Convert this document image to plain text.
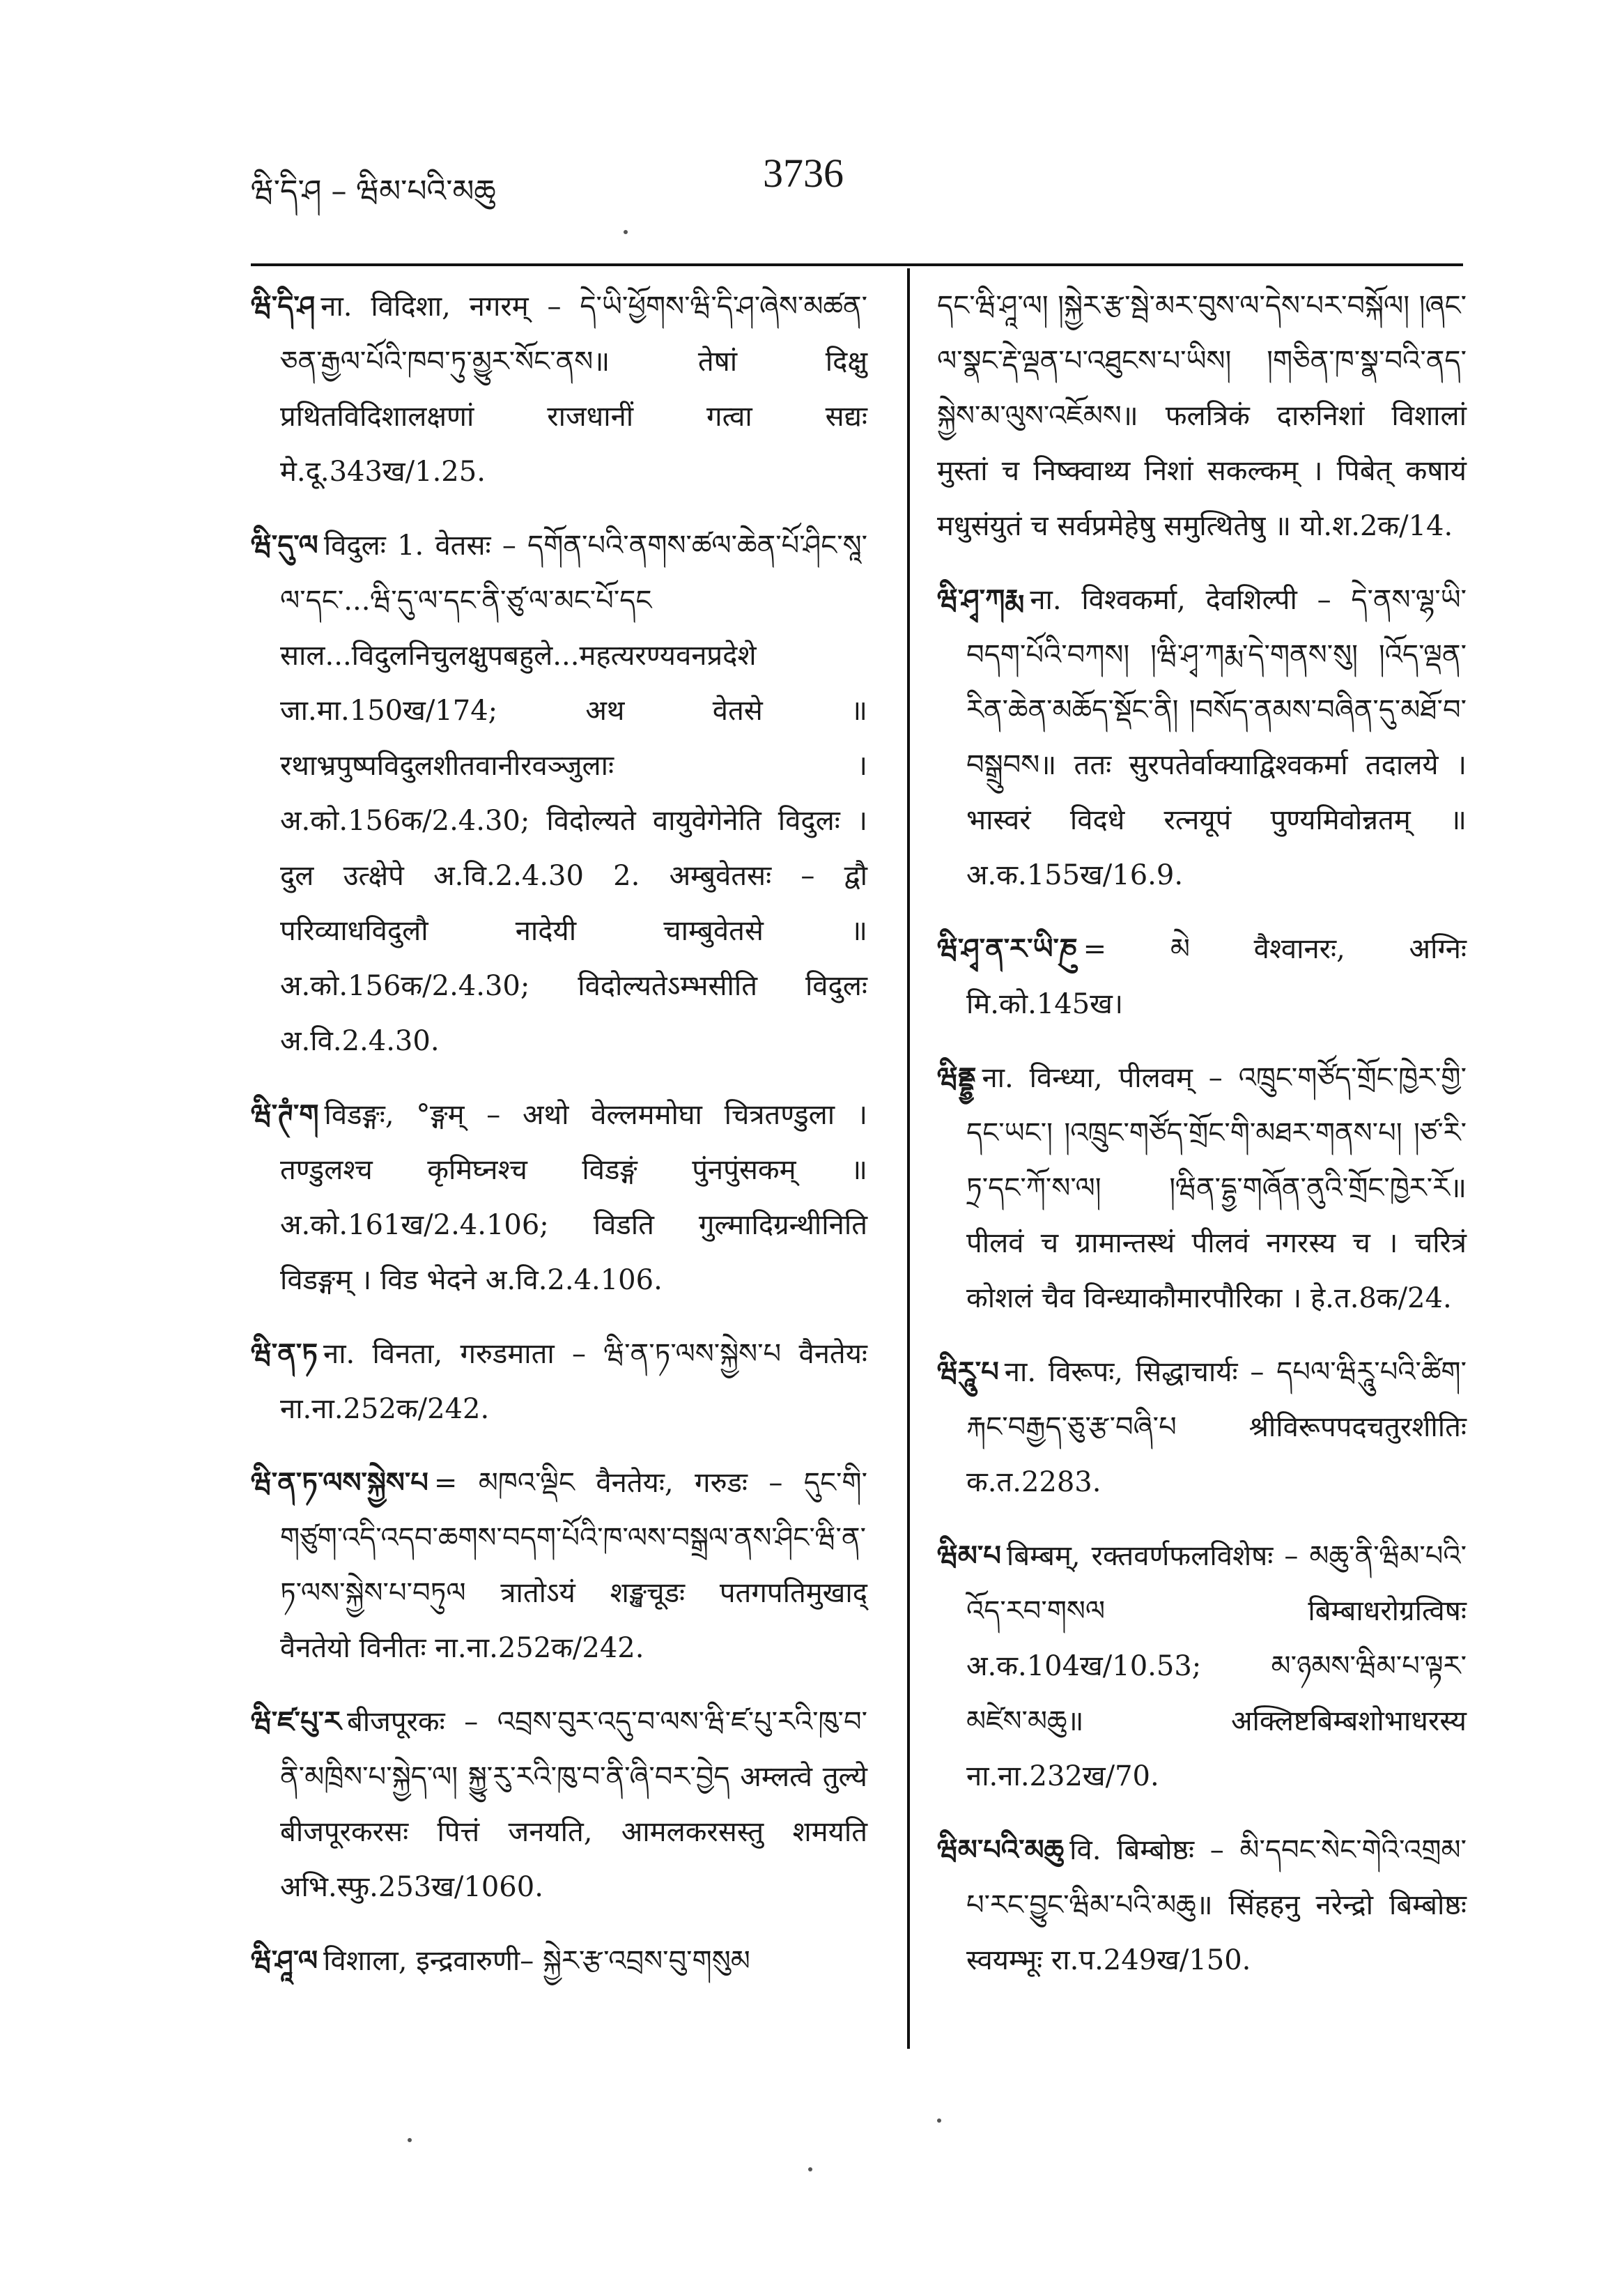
ཝི་དི་ཤ – ཝིམ་པའི་མཆུ	3736

ཝི་དི་ཤ ना. विदिशा, नगरम् – དེ་ཡི་ཕྱོགས་ཝི་དི་ཤ་ཞེས་མཚན་ཅན་རྒྱལ་པོའི་ཁབ་ཏུ་མྱུར་སོང་ནས॥ तेषां दिक्षु प्रथितविदिशालक्षणां राजधानीं गत्वा सद्यः मे.दू.343ख/1.25.

ཝི་དུ་ལ विदुलः 1. वेतसः – དགོན་པའི་ནགས་ཚལ་ཆེན་པོ་ཤིང་སཱ་ལ་དང་...ཝི་དུ་ལ་དང་ནི་ཙུ་ལ་མང་པོ་དང साल...विदुलनिचुलक्षुपबहुले...महत्यरण्यवनप्रदेशे जा.मा.150ख/174; अथ वेतसे ॥ रथाभ्रपुष्पविदुलशीतवानीरवञ्जुलाः । अ.को.156क/2.4.30; विदोल्यते वायुवेगेनेति विदुलः । दुल उत्क्षेपे अ.वि.2.4.30 2. अम्बुवेतसः – द्वौ परिव्याधविदुलौ नादेयी चाम्बुवेतसे ॥ अ.को.156क/2.4.30; विदोल्यतेऽम्भसीति विदुलः अ.वि.2.4.30.

ཝི་ཊཾ་ག विडङ्गः, °ङ्गम् – अथो वेल्लममोघा चित्रतण्डुला । तण्डुलश्च कृमिघ्नश्च विडङ्गं पुंनपुंसकम् ॥ अ.को.161ख/2.4.106; विडति गुल्मादिग्रन्थीनिति विडङ्गम् । विड भेदने अ.वि.2.4.106.

ཝི་ན་ཏ ना. विनता, गरुडमाता – ཝི་ན་ཏ་ལས་སྐྱེས་པ वैनतेयः ना.ना.252क/242.

ཝི་ན་ཏ་ལས་སྐྱེས་པ = མཁའ་ལྡིང वैनतेयः, गरुडः – དུང་གི་གཙུག་འདི་འདབ་ཆགས་བདག་པོའི་ཁ་ལས་བསྒྲལ་ནས་ཤིང་ཝི་ན་ཏ་ལས་སྐྱེས་པ་བཏུལ त्रातोऽयं शङ्खचूडः पतगपतिमुखाद् वैनतेयो विनीतः ना.ना.252क/242.

ཝི་ཛ་པུ་ར बीजपूरकः – འབྲས་བུར་འདུ་བ་ལས་ཝི་ཛ་པུ་རའི་ཁུ་བ་ནི་མཁྲིས་པ་སྐྱེད་ལ། སྐྱུ་རུ་རའི་ཁུ་བ་ནི་ཞི་བར་བྱེད अम्लत्वे तुल्ये बीजपूरकरसः पित्तं जनयति, आमलकरसस्तु शमयति अभि.स्फु.253ख/1060.

ཝི་ཤཱ་ལ विशाला, इन्द्रवारुणी– སྐྱེར་རྩ་འབྲས་བུ་གསུམ

དང་ཝི་ཤཱ་ལ། །སྐྱེར་རྩ་སྦེ་མར་བུས་ལ་དེས་པར་བསྐོལ། །ཞང་ལ་སྣང་རྡེ་ལྡན་པ་འཐུངས་པ་ཡིས། །གཅིན་ཁ་སྣ་བའི་ནད་སྐྱེས་མ་ལུས་འཇོམས॥ फलत्रिकं दारुनिशां विशालां मुस्तां च निष्क्वाथ्य निशां सकल्कम् । पिबेत् कषायं मधुसंयुतं च सर्वप्रमेहेषु समुत्थितेषु ॥ यो.श.2क/14.

ཝི་ཤྭ་ཀརྨ ना. विश्वकर्मा, देवशिल्पी – དེ་ནས་ལྷ་ཡི་བདག་པོའི་བཀས། །ཝི་ཤྭ་ཀརྨ་དེ་གནས་སུ། །འོད་ལྡན་རིན་ཆེན་མཆོད་སྡོང་ནི། །བསོད་ནམས་བཞིན་དུ་མཐོ་བ་བསྒྲུབས॥ ततः सुरपतेर्वाक्याद्विश्वकर्मा तदालये । भास्वरं विदधे रत्नयूपं पुण्यमिवोन्नतम् ॥ अ.क.155ख/16.9.

ཝི་ཤྭ་ན་ར་ཡི་ཎུ = མེ वैश्वानरः, अग्निः मि.को.145ख।

ཝིནྡྷྱ ना. विन्ध्या, पीलवम् – འཁྲུང་གཙོད་གྲོང་ཁྱེར་གྱི་དང་ཡང་། །འཁྲུང་གཙོད་གྲོང་གི་མཐར་གནས་པ། །ཙ་རི་ཏྲ་དང་ཀོ་ས་ལ། །ཝིན་དྷྱ་གཞོན་ནུའི་གྲོང་ཁྱེར་རོ॥ पीलवं च ग्रामान्तस्थं पीलवं नगरस्य च । चरित्रं कोशलं चैव विन्ध्याकौमारपौरिका । हे.त.8क/24.

ཝིརཱུ་པ ना. विरूपः, सिद्धाचार्यः – དཔལ་ཝིརཱུ་པའི་ཚིག་རྐང་བརྒྱད་ཅུ་རྩ་བཞི་པ श्रीविरूपपदचतुरशीतिः क.त.2283.

ཝིམ་པ बिम्बम्, रक्तवर्णफलविशेषः – མཆུ་ནི་ཝིམ་པའི་འོད་རབ་གསལ बिम्बाधरोग्रत्विषः अ.क.104ख/10.53; མ་ཉམས་ཝིམ་པ་ལྟར་མཛེས་མཆུ॥ अक्लिष्टबिम्बशोभाधरस्य ना.ना.232ख/70.

ཝིམ་པའི་མཆུ वि. बिम्बोष्ठः – མི་དབང་སེང་གེའི་འགྲམ་པ་རང་བྱུང་ཝིམ་པའི་མཆུ॥ सिंहहनु नरेन्द्रो बिम्बोष्ठः स्वयम्भूः रा.प.249ख/150.
